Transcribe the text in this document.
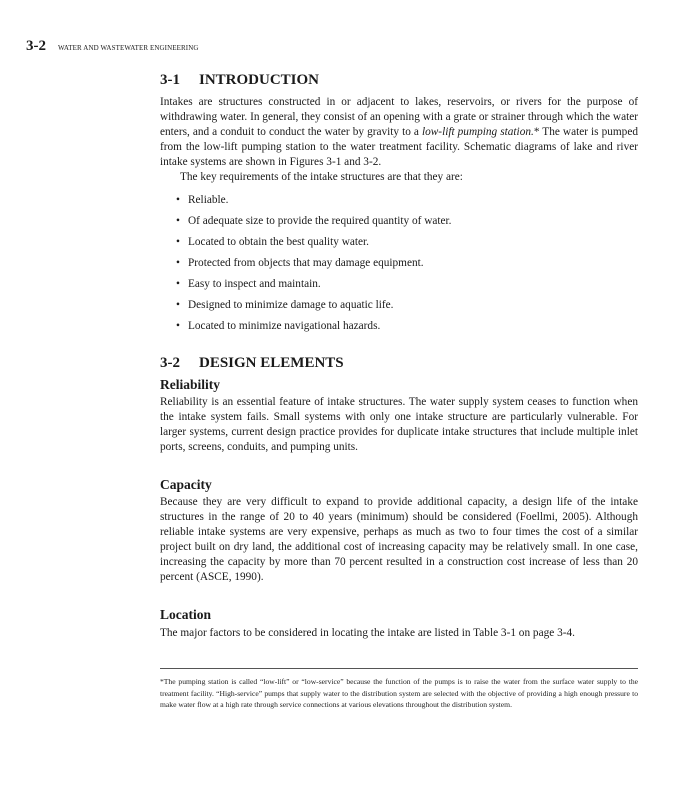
3-2 WATER AND WASTEWATER ENGINEERING
3-1 INTRODUCTION

Intakes are structures constructed in or adjacent to lakes, reservoirs, or rivers for the purpose of withdrawing water. In general, they consist of an opening with a grate or strainer through which the water enters, and a conduit to conduct the water by gravity to a low-lift pumping station.* The water is pumped from the low-lift pumping station to the water treatment facility. Schematic diagrams of lake and river intake systems are shown in Figures 3-1 and 3-2.

The key requirements of the intake structures are that they are:

• Reliable.
• Of adequate size to provide the required quantity of water.
• Located to obtain the best quality water.
• Protected from objects that may damage equipment.
• Easy to inspect and maintain.
• Designed to minimize damage to aquatic life.
• Located to minimize navigational hazards.
3-2 DESIGN ELEMENTS
Reliability

Reliability is an essential feature of intake structures. The water supply system ceases to function when the intake system fails. Small systems with only one intake structure are particularly vulnerable. For larger systems, current design practice provides for duplicate intake structures that include multiple inlet ports, screens, conduits, and pumping units.

Capacity

Because they are very difficult to expand to provide additional capacity, a design life of the intake structures in the range of 20 to 40 years (minimum) should be considered (Foellmi, 2005). Although reliable intake systems are very expensive, perhaps as much as two to four times the cost of a similar project built on dry land, the additional cost of increasing capacity may be relatively small. In one case, increasing the capacity by more than 70 percent resulted in a construction cost increase of less than 20 percent (ASCE, 1990).

Location

The major factors to be considered in locating the intake are listed in Table 3-1 on page 3-4.

*The pumping station is called “low-lift” or “low-service” because the function of the pumps is to raise the water from the surface water supply to the treatment facility. “High-service” pumps that supply water to the distribution system are selected with the objective of providing a high enough pressure to make water flow at a high rate through service connections at various elevations throughout the distribution system.
